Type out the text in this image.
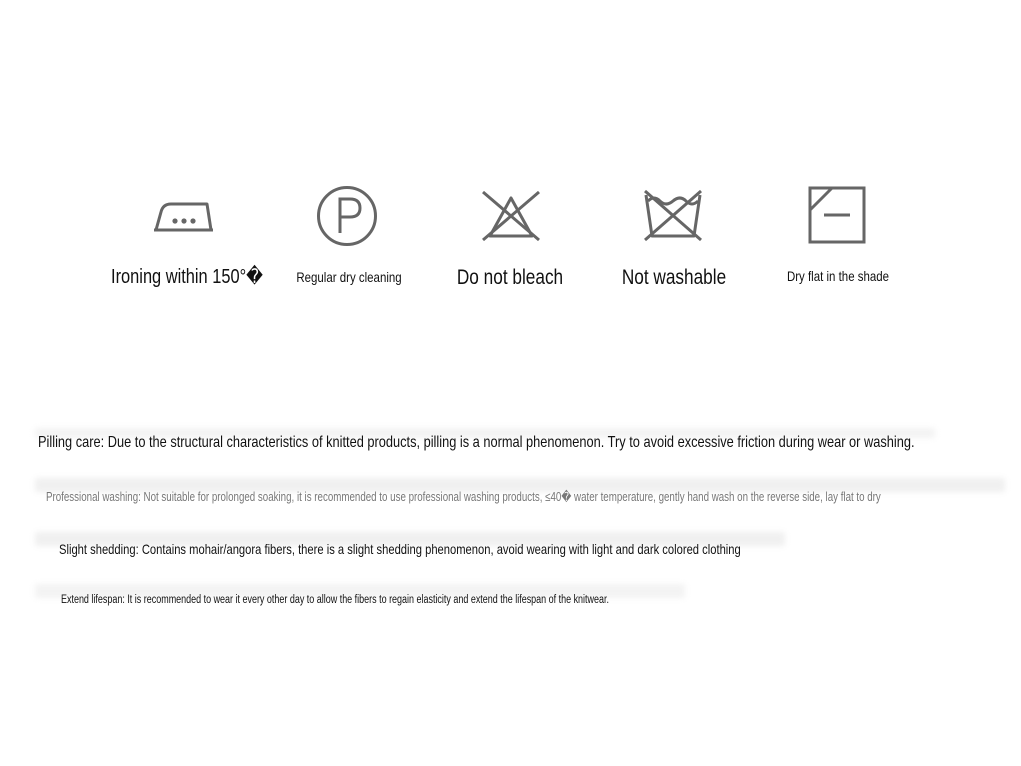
Ironing within 150°� Regular dry cleaning	Do not bleach	Not washable	Dry flat in the shade
Pilling care: Due to the structural characteristics of knitted products, pilling is a normal phenomenon. Try to avoid excessive friction during wear or washing.
Professional washing: Not suitable for prolonged soaking, it is recommended to use professional washing products, ≤40� water temperature, gently hand wash on the reverse side, lay flat to dry
Slight shedding: Contains mohair/angora fibers, there is a slight shedding phenomenon, avoid wearing with light and dark colored clothing
Extend lifespan: It is recommended to wear it every other day to allow the fibers to regain elasticity and extend the lifespan of the knitwear.
